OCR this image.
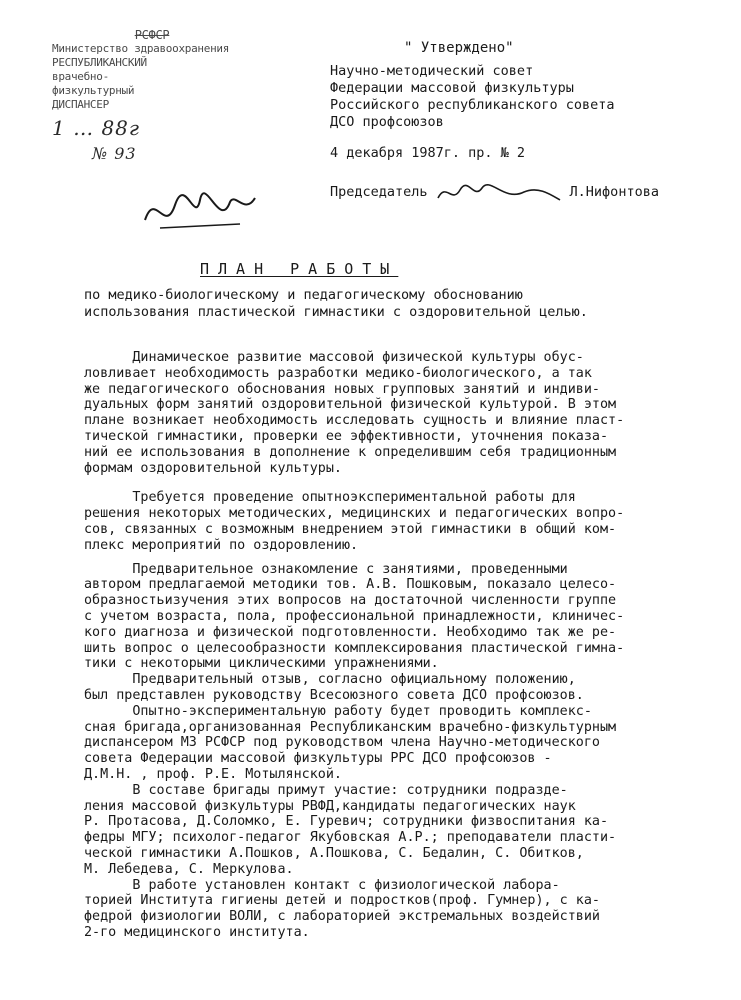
РСФСР
Министерство здравоохранения
РЕСПУБЛИКАНСКИЙ
врачебно-
физкультурный
ДИСПАНСЕР
1 … 88г
№ 93
" Утверждено"
Научно-методический совет
Федерации массовой физкультуры
Российского республиканского совета
ДСО профсоюзов
4 декабря 1987г. пр. № 2
Председатель	Л.Нифонтова
ПЛАН РАБОТЫ
по медико-биологическому и педагогическому обоснованию
использования пластической гимнастики с оздоровительной целью.
Динамическое развитие массовой физической культуры обус-
ловливает необходимость разработки медико-биологического, а так
же педагогического обоснования новых групповых занятий и индиви-
дуальных форм занятий оздоровительной физической культурой. В этом
плане возникает необходимость исследовать сущность и влияние пласт-
тической гимнастики, проверки ее эффективности, уточнения показа-
ний ее использования в дополнение к определившим себя традиционным
формам оздоровительной культуры.
Требуется проведение опытноэкспериментальной работы для
решения некоторых методических, медицинских и педагогических вопро-
сов, связанных с возможным внедрением этой гимнастики в общий ком-
плекс мероприятий по оздоровлению.
Предварительное ознакомление с занятиями, проведенными
автором предлагаемой методики тов. А.В. Пошковым, показало целесо-
образностьизучения этих вопросов на достаточной численности группе
с учетом возраста, пола, профессиональной принадлежности, клиничес-
кого диагноза и физической подготовленности. Необходимо так же ре-
шить вопрос о целесообразности комплексирования пластической гимна-
тики с некоторыми циклическими упражнениями.
Предварительный отзыв, согласно официальному положению,
был представлен руководству Всесоюзного совета ДСО профсоюзов.
Опытно-экспериментальную работу будет проводить комплекс-
сная бригада,организованная Республиканским врачебно-физкультурным
диспансером МЗ РСФСР под руководством члена Научно-методического
совета Федерации массовой физкультуры РРС ДСО профсоюзов -
Д.М.Н. , проф. Р.Е. Мотылянской.
В составе бригады примут участие: сотрудники подразде-
ления массовой физкультуры РВФД,кандидаты педагогических наук
Р. Протасова, Д.Соломко, Е. Гуревич; сотрудники физвоспитания ка-
федры МГУ; психолог-педагог Якубовская А.Р.; преподаватели пласти-
ческой гимнастики А.Пошков, А.Пошкова, С. Бедалин, С. Обитков,
М. Лебедева, С. Меркулова.
В работе установлен контакт с физиологической лабора-
торией Института гигиены детей и подростков(проф. Гумнер), с ка-
федрой физиологии ВОЛИ, с лабораторией экстремальных воздействий
2-го медицинского института.
